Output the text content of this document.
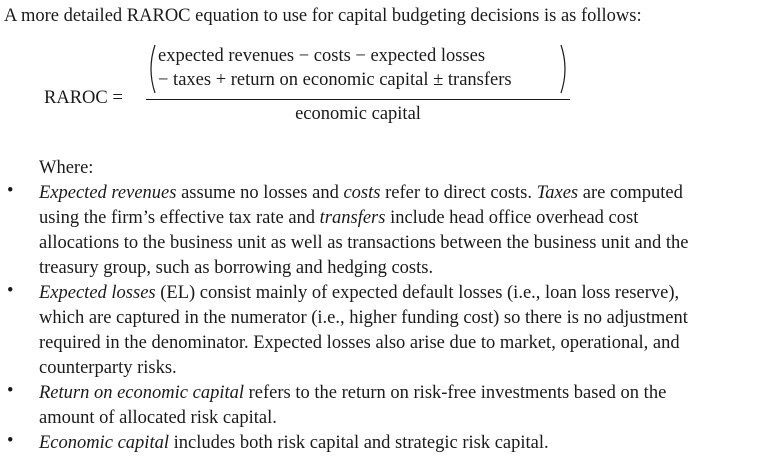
A more detailed RAROC equation to use for capital budgeting decisions is as follows:
RAROC =
expected revenues − costs − expected losses
− taxes + return on economic capital ± transfers
economic capital
Where:
• Expected revenues assume no losses and costs refer to direct costs. Taxes are computed
using the firm’s effective tax rate and transfers include head office overhead cost
allocations to the business unit as well as transactions between the business unit and the
treasury group, such as borrowing and hedging costs.
• Expected losses (EL) consist mainly of expected default losses (i.e., loan loss reserve),
which are captured in the numerator (i.e., higher funding cost) so there is no adjustment
required in the denominator. Expected losses also arise due to market, operational, and
counterparty risks.
• Return on economic capital refers to the return on risk-free investments based on the
amount of allocated risk capital.
• Economic capital includes both risk capital and strategic risk capital.
